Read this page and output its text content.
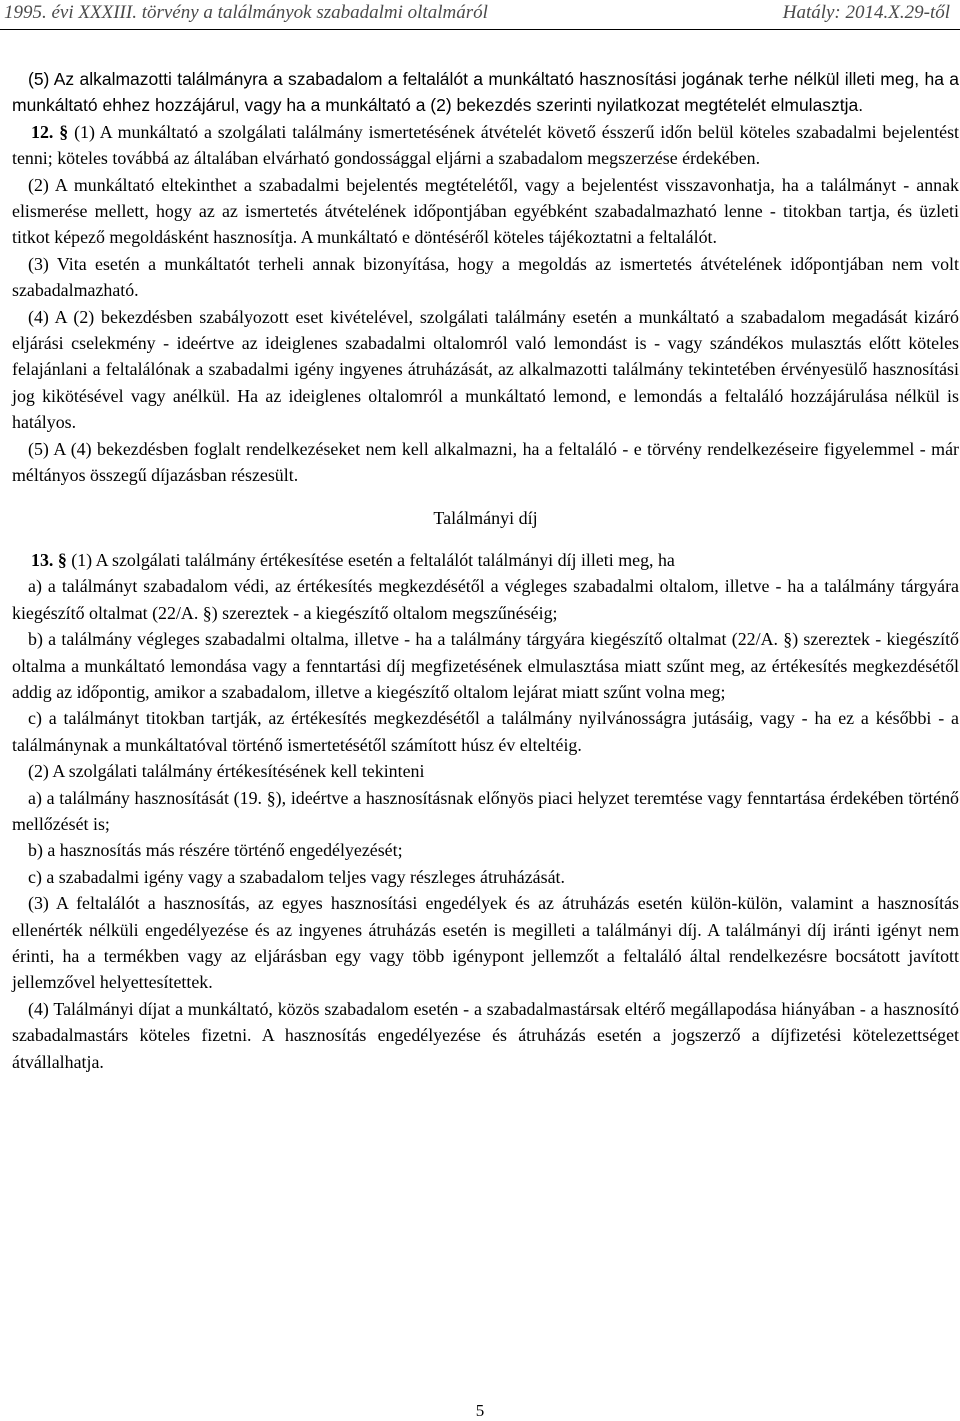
1995. évi XXXIII. törvény a találmányok szabadalmi oltalmáról	Hatály: 2014.X.29-től

(5) Az alkalmazotti találmányra a szabadalom a feltalálót a munkáltató hasznosítási jogának terhe nélkül illeti meg, ha a munkáltató ehhez hozzájárul, vagy ha a munkáltató a (2) bekezdés szerinti nyilatkozat megtételét elmulasztja.

12. § (1) A munkáltató a szolgálati találmány ismertetésének átvételét követő ésszerű időn belül köteles szabadalmi bejelentést tenni; köteles továbbá az általában elvárható gondossággal eljárni a szabadalom megszerzése érdekében.

(2) A munkáltató eltekinthet a szabadalmi bejelentés megtételétől, vagy a bejelentést visszavonhatja, ha a találmányt - annak elismerése mellett, hogy az az ismertetés átvételének időpontjában egyébként szabadalmazható lenne - titokban tartja, és üzleti titkot képező megoldásként hasznosítja. A munkáltató e döntéséről köteles tájékoztatni a feltalálót.

(3) Vita esetén a munkáltatót terheli annak bizonyítása, hogy a megoldás az ismertetés átvételének időpontjában nem volt szabadalmazható.

(4) A (2) bekezdésben szabályozott eset kivételével, szolgálati találmány esetén a munkáltató a szabadalom megadását kizáró eljárási cselekmény - ideértve az ideiglenes szabadalmi oltalomról való lemondást is - vagy szándékos mulasztás előtt köteles felajánlani a feltalálónak a szabadalmi igény ingyenes átruházását, az alkalmazotti találmány tekintetében érvényesülő hasznosítási jog kikötésével vagy anélkül. Ha az ideiglenes oltalomról a munkáltató lemond, e lemondás a feltaláló hozzájárulása nélkül is hatályos.

(5) A (4) bekezdésben foglalt rendelkezéseket nem kell alkalmazni, ha a feltaláló - e törvény rendelkezéseire figyelemmel - már méltányos összegű díjazásban részesült.

Találmányi díj

13. § (1) A szolgálati találmány értékesítése esetén a feltalálót találmányi díj illeti meg, ha

a) a találmányt szabadalom védi, az értékesítés megkezdésétől a végleges szabadalmi oltalom, illetve - ha a találmány tárgyára kiegészítő oltalmat (22/A. §) szereztek - a kiegészítő oltalom megszűnéséig;

b) a találmány végleges szabadalmi oltalma, illetve - ha a találmány tárgyára kiegészítő oltalmat (22/A. §) szereztek - kiegészítő oltalma a munkáltató lemondása vagy a fenntartási díj megfizetésének elmulasztása miatt szűnt meg, az értékesítés megkezdésétől addig az időpontig, amikor a szabadalom, illetve a kiegészítő oltalom lejárat miatt szűnt volna meg;

c) a találmányt titokban tartják, az értékesítés megkezdésétől a találmány nyilvánosságra jutásáig, vagy - ha ez a későbbi - a találmánynak a munkáltatóval történő ismertetésétől számított húsz év elteltéig.

(2) A szolgálati találmány értékesítésének kell tekinteni

a) a találmány hasznosítását (19. §), ideértve a hasznosításnak előnyös piaci helyzet teremtése vagy fenntartása érdekében történő mellőzését is;

b) a hasznosítás más részére történő engedélyezését;

c) a szabadalmi igény vagy a szabadalom teljes vagy részleges átruházását.

(3) A feltalálót a hasznosítás, az egyes hasznosítási engedélyek és az átruházás esetén külön-külön, valamint a hasznosítás ellenérték nélküli engedélyezése és az ingyenes átruházás esetén is megilleti a találmányi díj. A találmányi díj iránti igényt nem érinti, ha a termékben vagy az eljárásban egy vagy több igénypont jellemzőt a feltaláló által rendelkezésre bocsátott javított jellemzővel helyettesítettek.

(4) Találmányi díjat a munkáltató, közös szabadalom esetén - a szabadalmastársak eltérő megállapodása hiányában - a hasznosító szabadalmastárs köteles fizetni. A hasznosítás engedélyezése és átruházás esetén a jogszerző a díjfizetési kötelezettséget átvállalhatja.

5
